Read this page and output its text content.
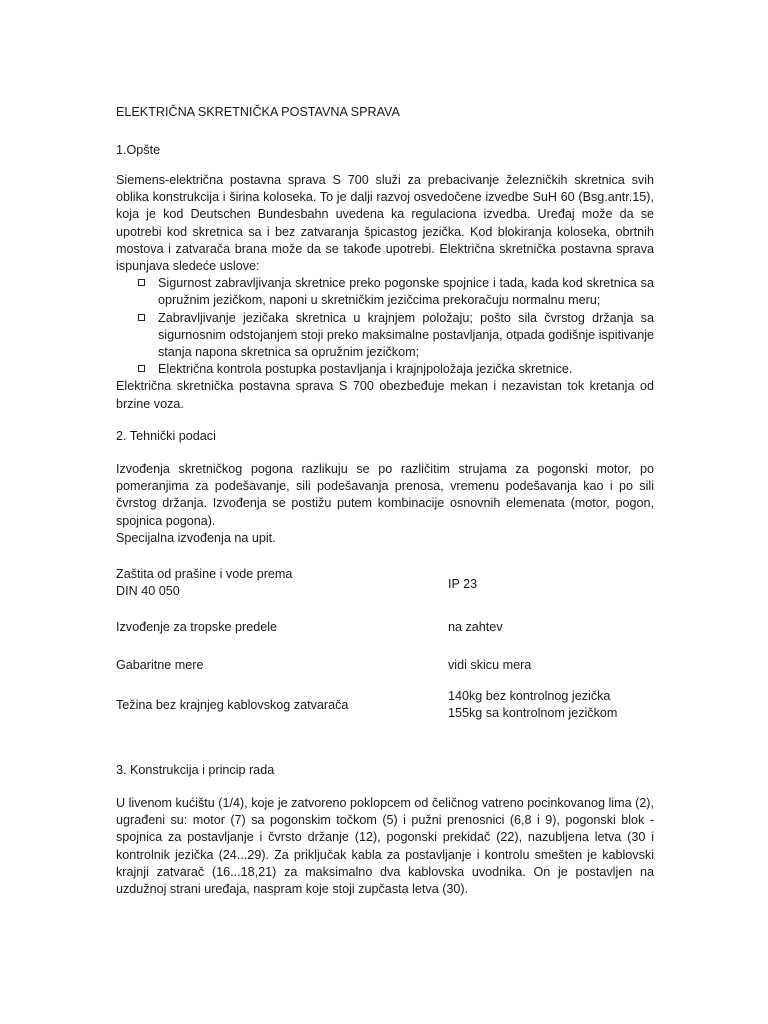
ELEKTRIČNA SKRETNIČKA POSTAVNA SPRAVA

1.Opšte

Siemens-električna postavna sprava S 700 služi za prebacivanje železničkih skretnica svih oblika konstrukcija i širina koloseka. To je dalji razvoj osvedočene izvedbe SuH 60 (Bsg.antr.15), koja je kod Deutschen Bundesbahn uvedena ka regulaciona izvedba. Uređaj može da se upotrebi kod skretnica sa i bez zatvaranja špicastog jezička. Kod blokiranja koloseka, obrtnih mostova i zatvarača brana može da se takođe upotrebi. Električna skretnička postavna sprava ispunjava sledeće uslove:

Sigurnost zabravljivanja skretnice preko pogonske spojnice i tada, kada kod skretnica sa opružnim jezičkom, naponi u skretničkim jezičcima prekoračuju normalnu meru;
Zabravljivanje jezičaka skretnica u krajnjem položaju; pošto sila čvrstog držanja sa sigurnosnim odstojanjem stoji preko maksimalne postavljanja, otpada godišnje ispitivanje stanja napona skretnica sa opružnim jezičkom;
Električna kontrola postupka postavljanja i krajnjpoložaja jezička skretnice.

Električna skretnička postavna sprava S 700 obezbeđuje mekan i nezavistan tok kretanja od brzine voza.

2. Tehnički podaci

Izvođenja skretničkog pogona razlikuju se po različitim strujama za pogonski motor, po pomeranjima za podešavanje, sili podešavanja prenosa, vremenu podešavanja kao i po sili čvrstog držanja. Izvođenja se postižu putem kombinacije osnovnih elemenata (motor, pogon, spojnica pogona).

Specijalna izvođenja na upit.

Zaštita od prašine i vode prema
DIN 40 050
IP 23
Izvođenje za tropske predele	na zahtev
Gabaritne mere	vidi skicu mera
Težina bez krajnjeg kablovskog zatvarača
140kg bez kontrolnog jezička
155kg sa kontrolnom jezičkom

3. Konstrukcija i princip rada

U livenom kućištu (1/4), koje je zatvoreno poklopcem od čeličnog vatreno pocinkovanog lima (2), ugrađeni su: motor (7) sa pogonskim točkom (5) i pužni prenosnici (6,8 i 9), pogonski blok - spojnica za postavljanje i čvrsto držanje (12), pogonski prekidač (22), nazubljena letva (30 i kontrolnik jezička (24...29). Za priključak kabla za postavljanje i kontrolu smešten je kablovski krajnji zatvarač (16...18,21) za maksimalno dva kablovska uvodnika. On je postavljen na uzdužnoj strani uređaja, naspram koje stoji zupčasta letva (30).
